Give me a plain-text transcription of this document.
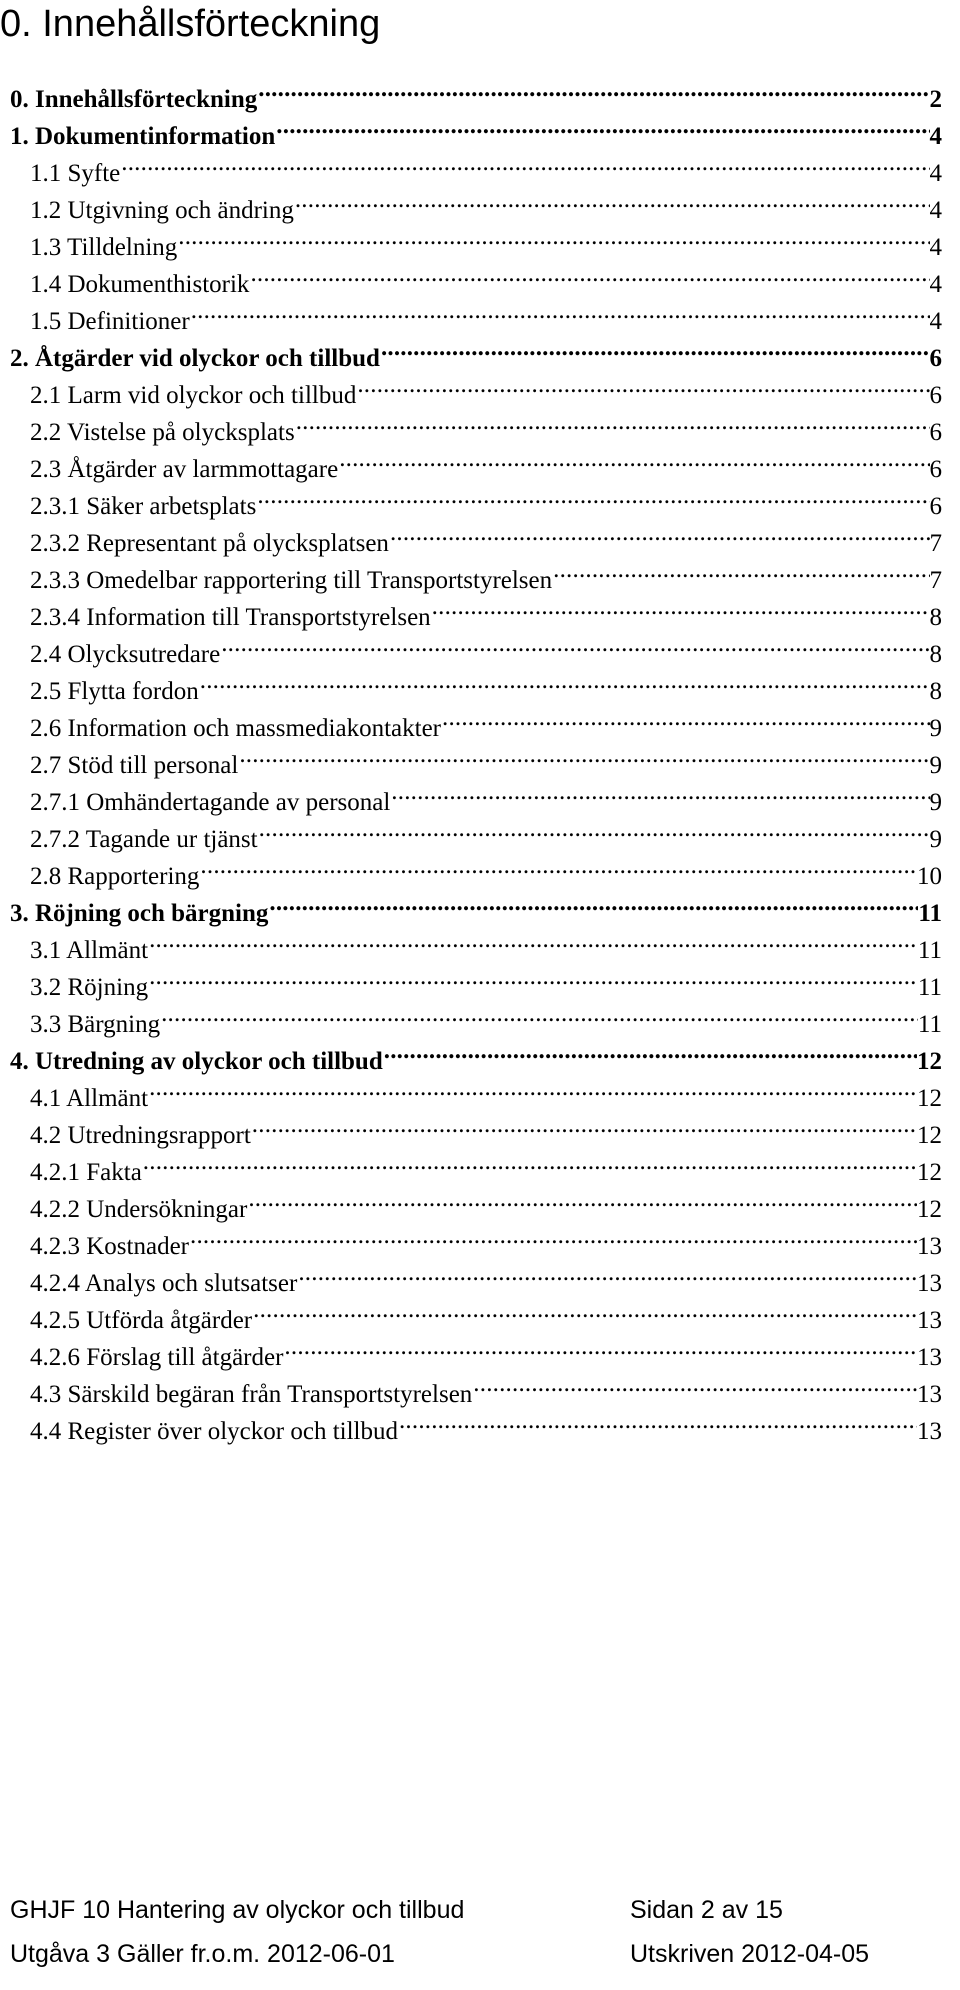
0. Innehållsförteckning
0. Innehållsförteckning .....	2
1. Dokumentinformation .....	4
1.1 Syfte .....	4
1.2 Utgivning och ändring .....	4
1.3 Tilldelning .....	4
1.4 Dokumenthistorik .....	4
1.5 Definitioner .....	4
2. Åtgärder vid olyckor och tillbud .....	6
2.1 Larm vid olyckor och tillbud .....	6
2.2 Vistelse på olycksplats .....	6
2.3 Åtgärder av larmmottagare .....	6
2.3.1 Säker arbetsplats .....	6
2.3.2 Representant på olycksplatsen .....	7
2.3.3 Omedelbar rapportering till Transportstyrelsen .....	7
2.3.4 Information till Transportstyrelsen .....	8
2.4 Olycksutredare .....	8
2.5 Flytta fordon .....	8
2.6 Information och massmediakontakter .....	9
2.7 Stöd till personal .....	9
2.7.1 Omhändertagande av personal .....	9
2.7.2 Tagande ur tjänst .....	9
2.8 Rapportering .....	10
3. Röjning och bärgning .....	11
3.1 Allmänt .....	11
3.2 Röjning .....	11
3.3 Bärgning .....	11
4. Utredning av olyckor och tillbud .....	12
4.1 Allmänt .....	12
4.2 Utredningsrapport .....	12
4.2.1 Fakta .....	12
4.2.2 Undersökningar .....	12
4.2.3 Kostnader .....	13
4.2.4 Analys och slutsatser .....	13
4.2.5 Utförda åtgärder .....	13
4.2.6 Förslag till åtgärder .....	13
4.3 Särskild begäran från Transportstyrelsen .....	13
4.4 Register över olyckor och tillbud .....	13
GHJF 10 Hantering av olyckor och tillbud	Sidan 2 av 15
Utgåva 3 Gäller fr.o.m. 2012-06-01	Utskriven 2012-04-05
